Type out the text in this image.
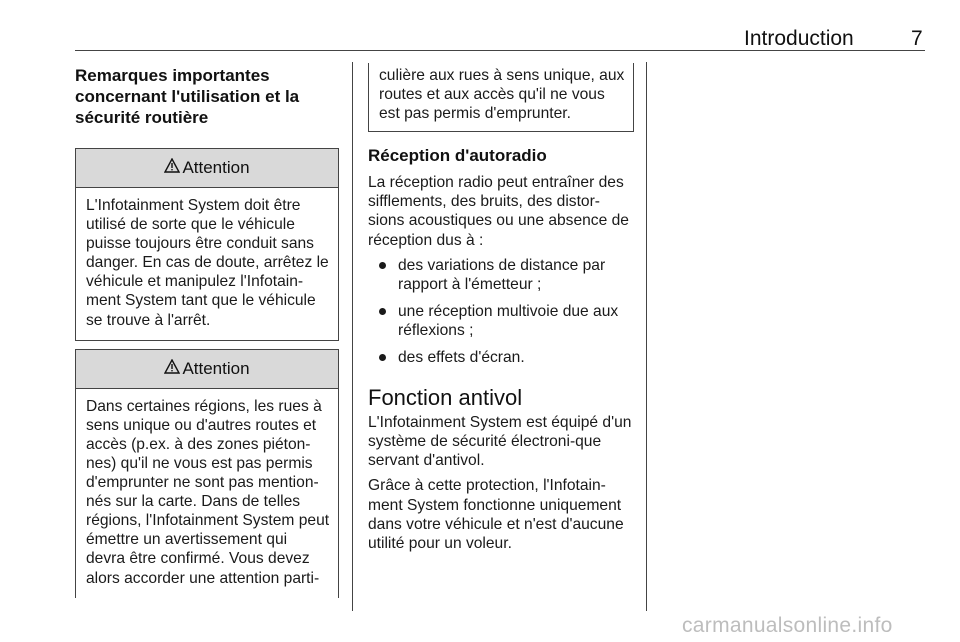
Introduction	7
Remarques importantes concernant l'utilisation et la sécurité routière
Attention
L'Infotainment System doit être utilisé de sorte que le véhicule puisse toujours être conduit sans danger. En cas de doute, arrêtez le véhicule et manipulez l'Infotain-ment System tant que le véhicule se trouve à l'arrêt.
Attention
Dans certaines régions, les rues à sens unique ou d'autres routes et accès (p.ex. à des zones piéton-nes) qu'il ne vous est pas permis d'emprunter ne sont pas mention-nés sur la carte. Dans de telles régions, l'Infotainment System peut émettre un avertissement qui devra être confirmé. Vous devez alors accorder une attention parti-
culière aux rues à sens unique, aux routes et aux accès qu'il ne vous est pas permis d'emprunter.
Réception d'autoradio

La réception radio peut entraîner des sifflements, des bruits, des distor-sions acoustiques ou une absence de réception dus à :

des variations de distance par rapport à l'émetteur ;
une réception multivoie due aux réflexions ;
des effets d'écran.
Fonction antivol

L'Infotainment System est équipé d'un système de sécurité électroni-que servant d'antivol.

Grâce à cette protection, l'Infotain-ment System fonctionne uniquement dans votre véhicule et n'est d'aucune utilité pour un voleur.

carmanualsonline.info
